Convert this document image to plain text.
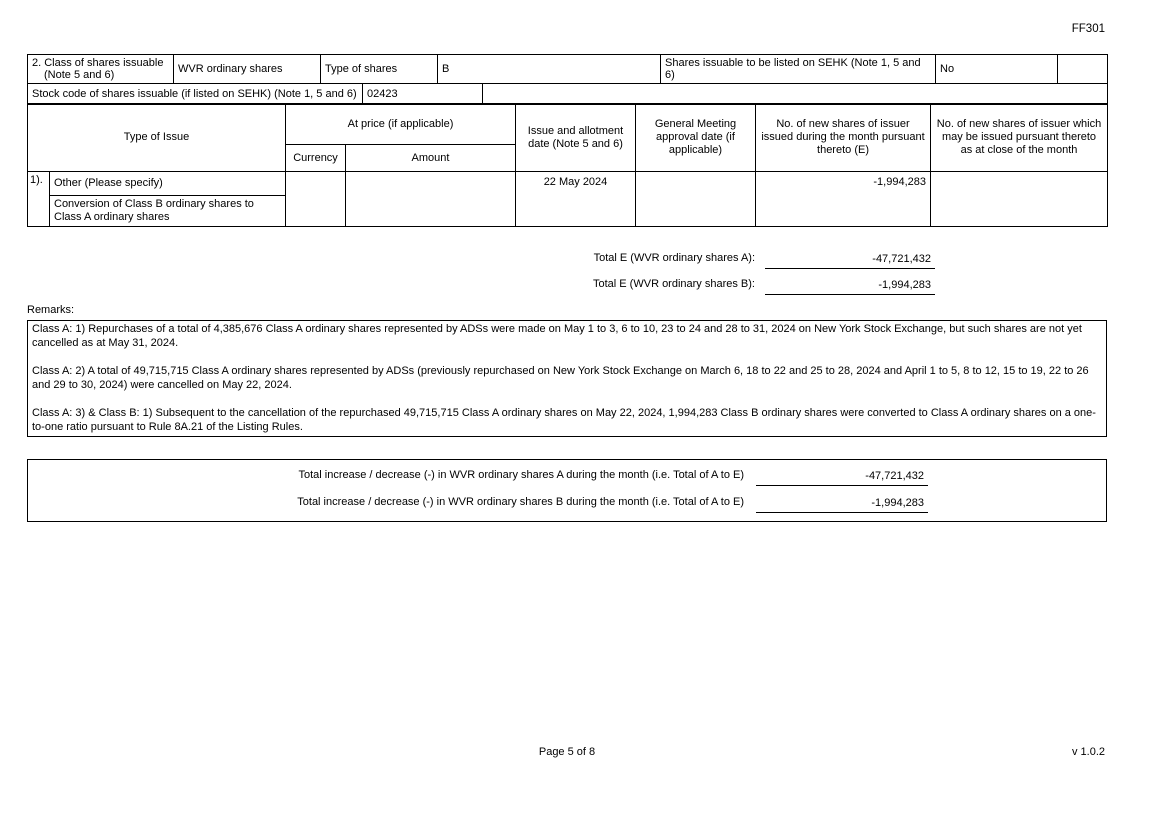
FF301
2. Class of shares issuable
(Note 5 and 6)	WVR ordinary shares	Type of shares	B	Shares issuable to be listed on SEHK (Note 1, 5 and 6)	No	
Stock code of shares issuable (if listed on SEHK) (Note 1, 5 and 6)	02423	
Type of Issue		At price (if applicable)		Issue and allotment date (Note 5 and 6)	General Meeting approval date (if applicable)	No. of new shares of issuer issued during the month pursuant thereto (E)	No. of new shares of issuer which may be issued pursuant thereto as at close of the month
		Currency	Amount				
1).	Other (Please specify)			22 May 2024		-1,994,283	
	Conversion of Class B ordinary shares to Class A ordinary shares						
Total E (WVR ordinary shares A):	-47,721,432
Total E (WVR ordinary shares B):	-1,994,283
Remarks:

Class A: 1) Repurchases of a total of 4,385,676 Class A ordinary shares represented by ADSs were made on May 1 to 3, 6 to 10, 23 to 24 and 28 to 31, 2024 on New York Stock Exchange, but such shares are not yet cancelled as at May 31, 2024.

Class A: 2) A total of 49,715,715 Class A ordinary shares represented by ADSs (previously repurchased on New York Stock Exchange on March 6, 18 to 22 and 25 to 28, 2024 and April 1 to 5, 8 to 12, 15 to 19, 22 to 26 and 29 to 30, 2024) were cancelled on May 22, 2024.

Class A: 3) & Class B: 1) Subsequent to the cancellation of the repurchased 49,715,715 Class A ordinary shares on May 22, 2024, 1,994,283 Class B ordinary shares were converted to Class A ordinary shares on a one-to-one ratio pursuant to Rule 8A.21 of the Listing Rules.

Total increase / decrease (-) in WVR ordinary shares A during the month (i.e. Total of A to E)	-47,721,432
Total increase / decrease (-) in WVR ordinary shares B during the month (i.e. Total of A to E)	-1,994,283
Page 5 of 8	v 1.0.2
